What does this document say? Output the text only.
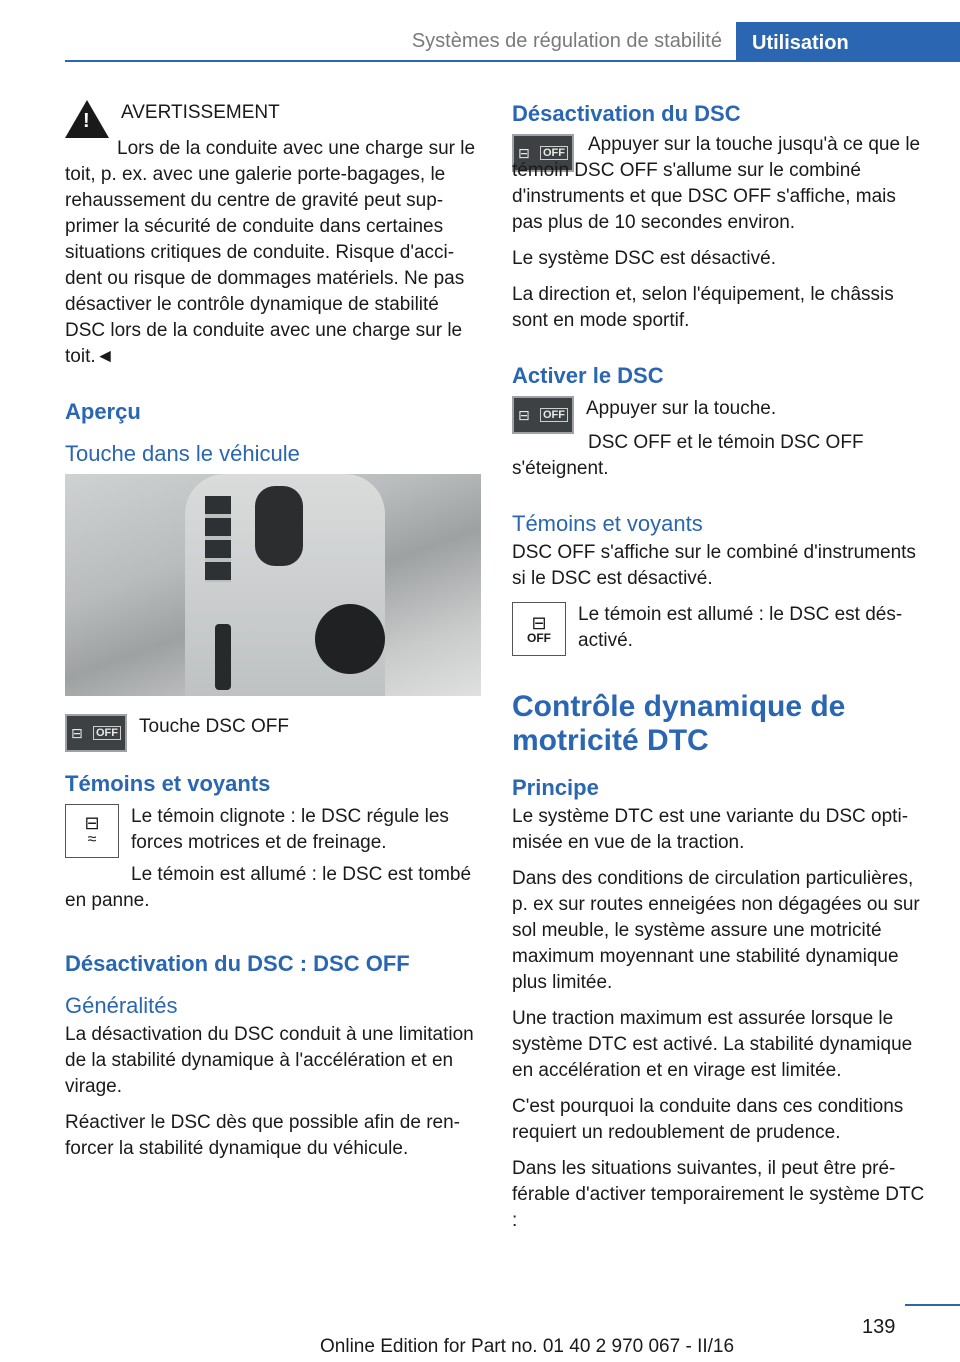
Systèmes de régulation de stabilité	Utilisation
! AVERTISSEMENT

Lors de la conduite avec une charge sur le toit, p. ex. avec une galerie porte-bagages, le rehaussement du centre de gravité peut supprimer la sécurité de conduite dans certaines situations critiques de conduite. Risque d'accident ou risque de dommages matériels. Ne pas désactiver le contrôle dynamique de stabilité DSC lors de la conduite avec une charge sur le toit.◄

Aperçu
Touche dans le véhicule
⊟ OFF Touche DSC OFF

Témoins et voyants
⊟
≈

Le témoin clignote : le DSC régule les forces motrices et de freinage.

Le témoin est allumé : le DSC est tombé en panne.

Désactivation du DSC : DSC OFF
Généralités

La désactivation du DSC conduit à une limitation de la stabilité dynamique à l'accélération et en virage.

Réactiver le DSC dès que possible afin de renforcer la stabilité dynamique du véhicule.

Désactivation du DSC
⊟ OFF	Appuyer sur la touche jusqu'à ce que le témoin DSC OFF s'allume sur le combiné d'instruments et que DSC OFF s'affiche, mais pas plus de 10 secondes environ.

Le système DSC est désactivé.

La direction et, selon l'équipement, le châssis sont en mode sportif.

Activer le DSC
⊟ OFF Appuyer sur la touche.

DSC OFF et le témoin DSC OFF s'éteignent.

Témoins et voyants

DSC OFF s'affiche sur le combiné d'instruments si le DSC est désactivé.

⊟
OFF

Le témoin est allumé : le DSC est désactivé.

Contrôle dynamique de motricité DTC
Principe

Le système DTC est une variante du DSC optimisée en vue de la traction.

Dans des conditions de circulation particulières, p. ex sur routes enneigées non dégagées ou sur sol meuble, le système assure une motricité maximum moyennant une stabilité dynamique plus limitée.

Une traction maximum est assurée lorsque le système DTC est activé. La stabilité dynamique en accélération et en virage est limitée.

C'est pourquoi la conduite dans ces conditions requiert un redoublement de prudence.

Dans les situations suivantes, il peut être préférable d'activer temporairement le système DTC :

139
Online Edition for Part no. 01 40 2 970 067 - II/16
